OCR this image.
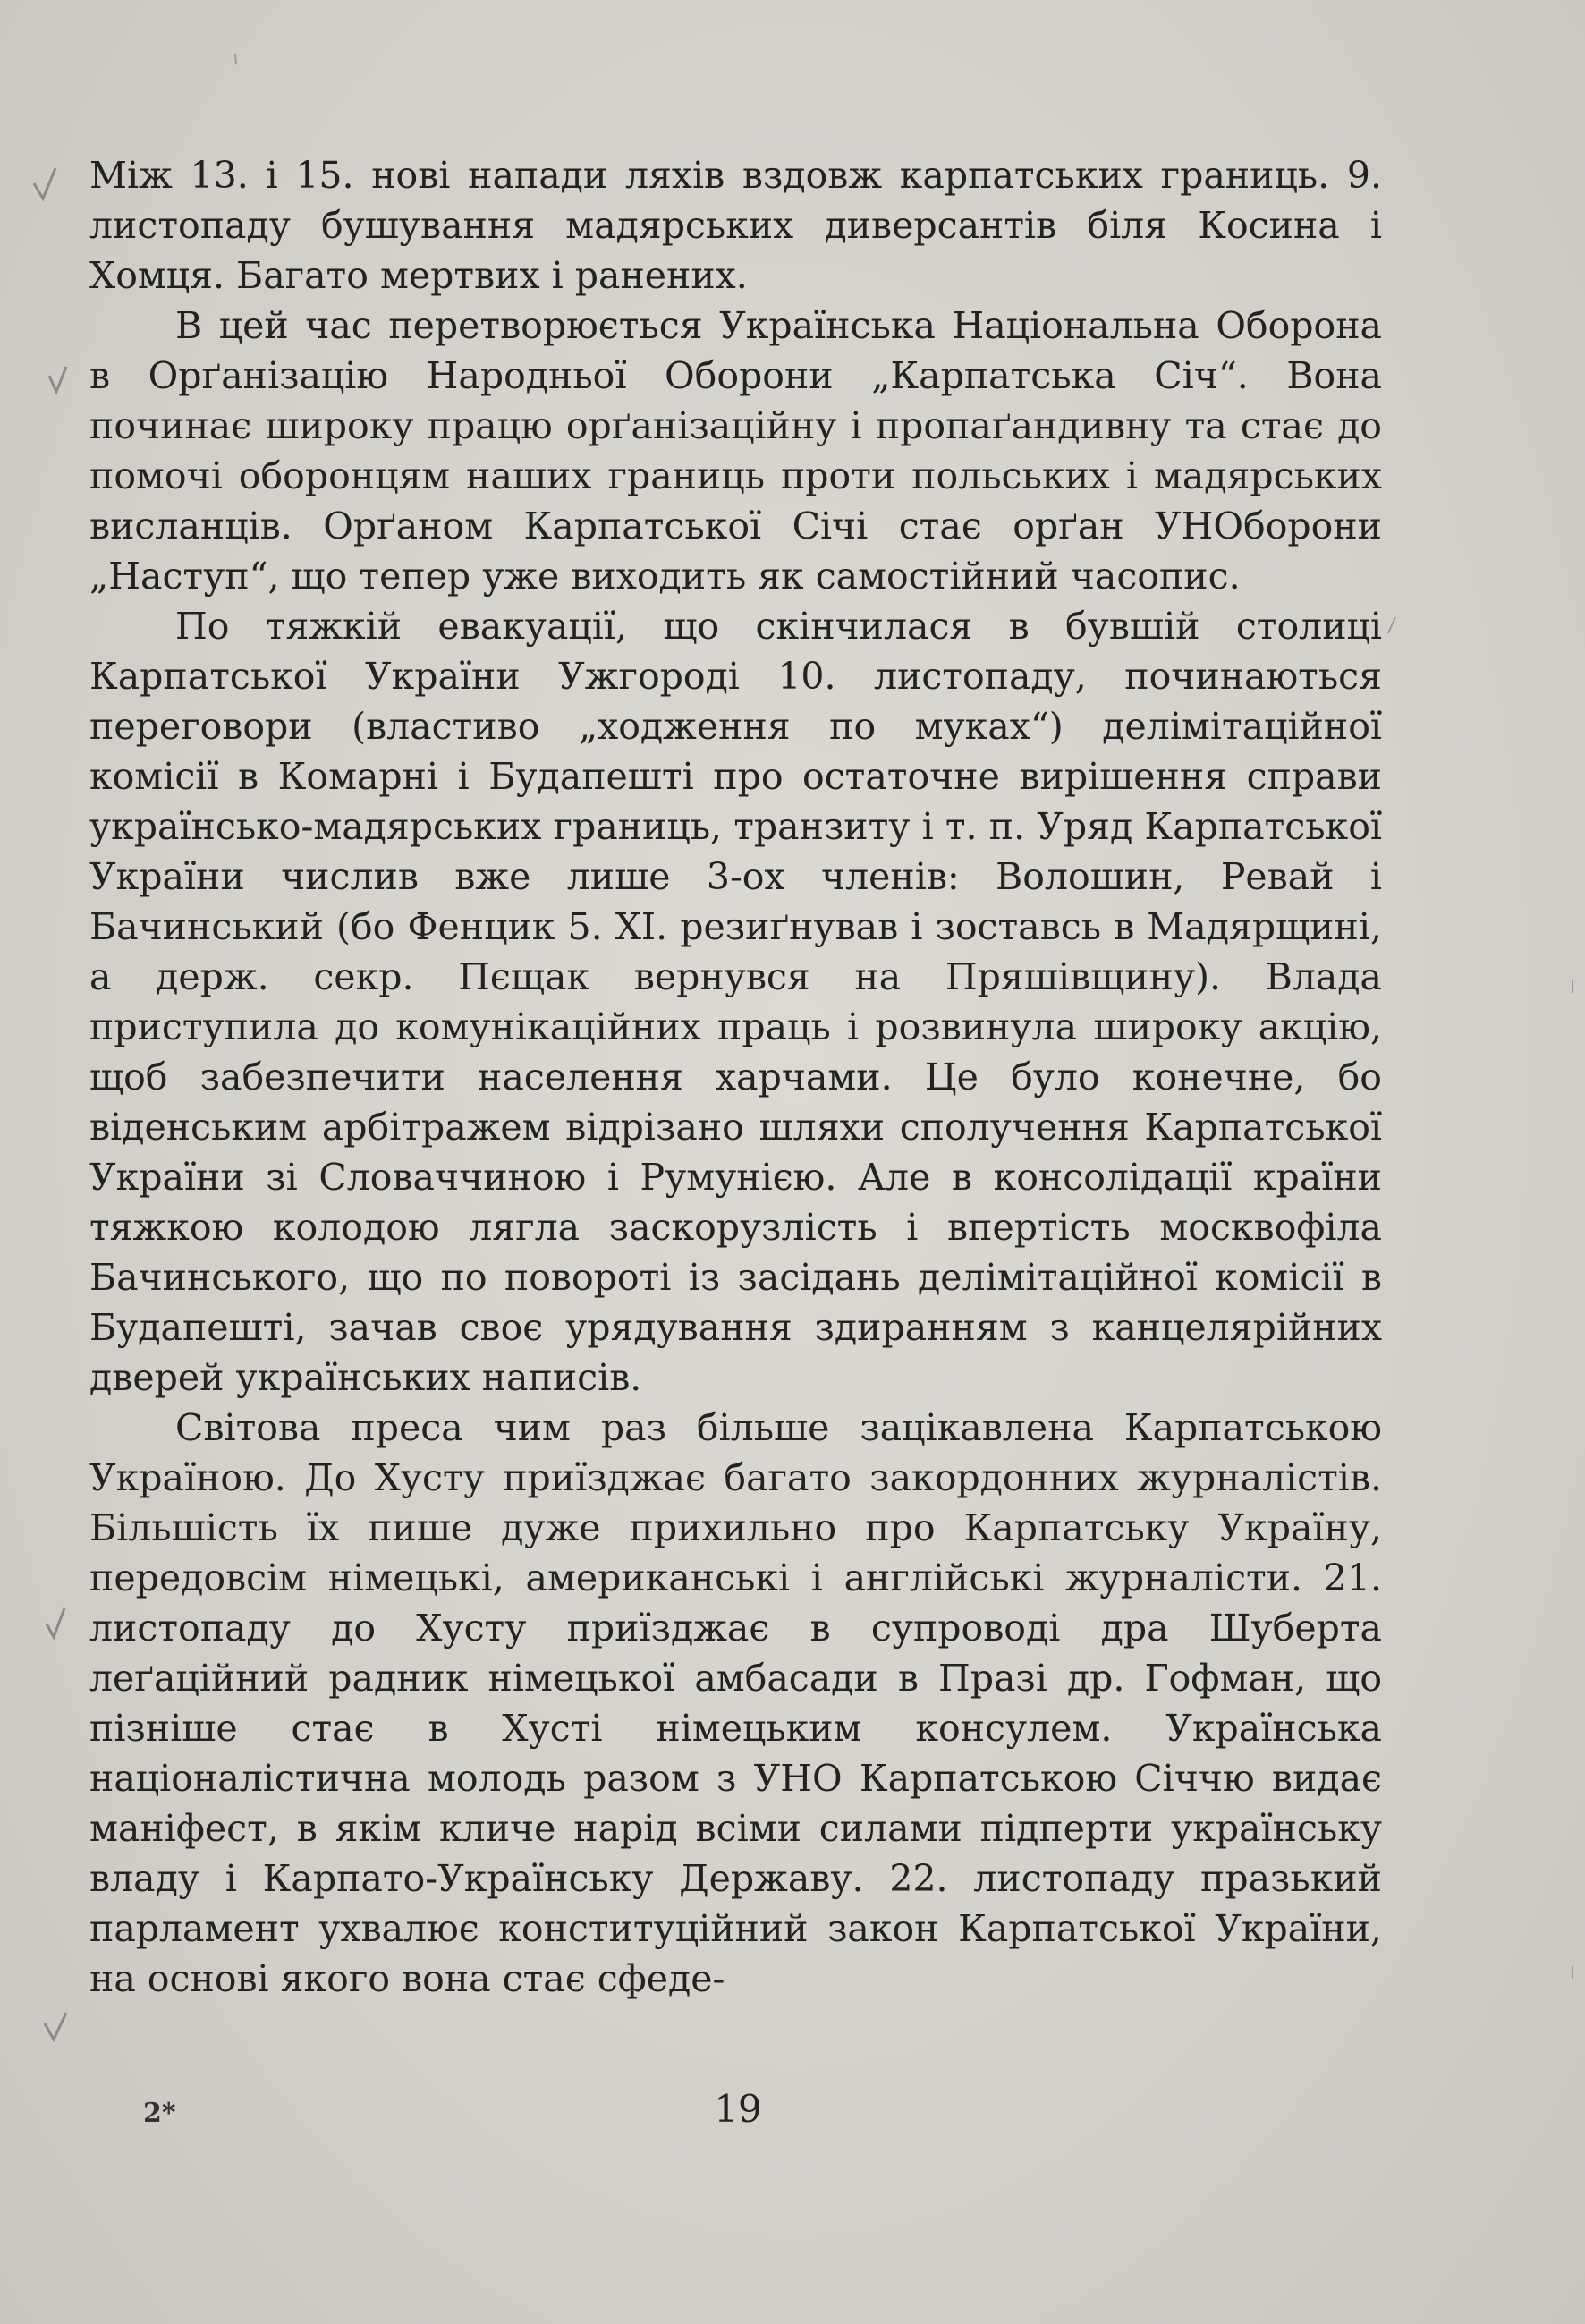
Між 13. і 15. нові напади ляхів вздовж карпатських границь. 9. листопаду бушування мадярських диверсантів біля Косина і Хомця. Багато мертвих і ранених.

В цей час перетворюється Українська Національна Оборона в Орґанізацію Народньої Оборони „Карпатська Січ“. Вона починає широку працю орґанізаційну і пропаґандивну та стає до помочі оборонцям наших границь проти польських і мадярських висланців. Орґаном Карпатської Січі стає орґан УНОборони „Наступ“, що тепер уже виходить як самостійний часопис.

По тяжкій евакуації, що скінчилася в бувшій столиці Карпатської України Ужгороді 10. листопаду, починаються переговори (властиво „ходження по муках“) делімітаційної комісії в Комарні і Будапешті про остаточне вирішення справи українсько-мадярських границь, транзиту і т. п. Уряд Карпатської України числив вже лише 3-ох членів: Волошин, Ревай і Бачинський (бо Фенцик 5. XI. резиґнував і зоставсь в Мадярщині, а держ. секр. Пєщак вернувся на Пряшівщину). Влада приступила до комунікаційних праць і розвинула широку акцію, щоб забезпечити населення харчами. Це було конечне, бо віденським арбітражем відрізано шляхи сполучення Карпатської України зі Словаччиною і Румунією. Але в консолідації країни тяжкою колодою лягла заскорузлість і впертість москвофіла Бачинського, що по повороті із засідань делімітаційної комісії в Будапешті, зачав своє урядування здиранням з канцелярійних дверей українських написів.

Світова преса чим раз більше зацікавлена Карпатською Україною. До Хусту приїзджає багато закордонних журналістів. Більшість їх пише дуже прихильно про Карпатську Україну, передовсім німецькі, американські і англійські журналісти. 21. листопаду до Хусту приїзджає в супроводі дра Шуберта леґаційний радник німецької амбасади в Празі др. Гофман, що пізніше стає в Хусті німецьким консулем. Українська націоналістична молодь разом з УНО Карпатською Січчю видає маніфест, в якім кличе нарід всіми силами підперти українську владу і Карпато-Українську Державу. 22. листопаду празький парламент ухвалює конституційний закон Карпатської України, на основі якого вона стає сфеде-

2*	19
